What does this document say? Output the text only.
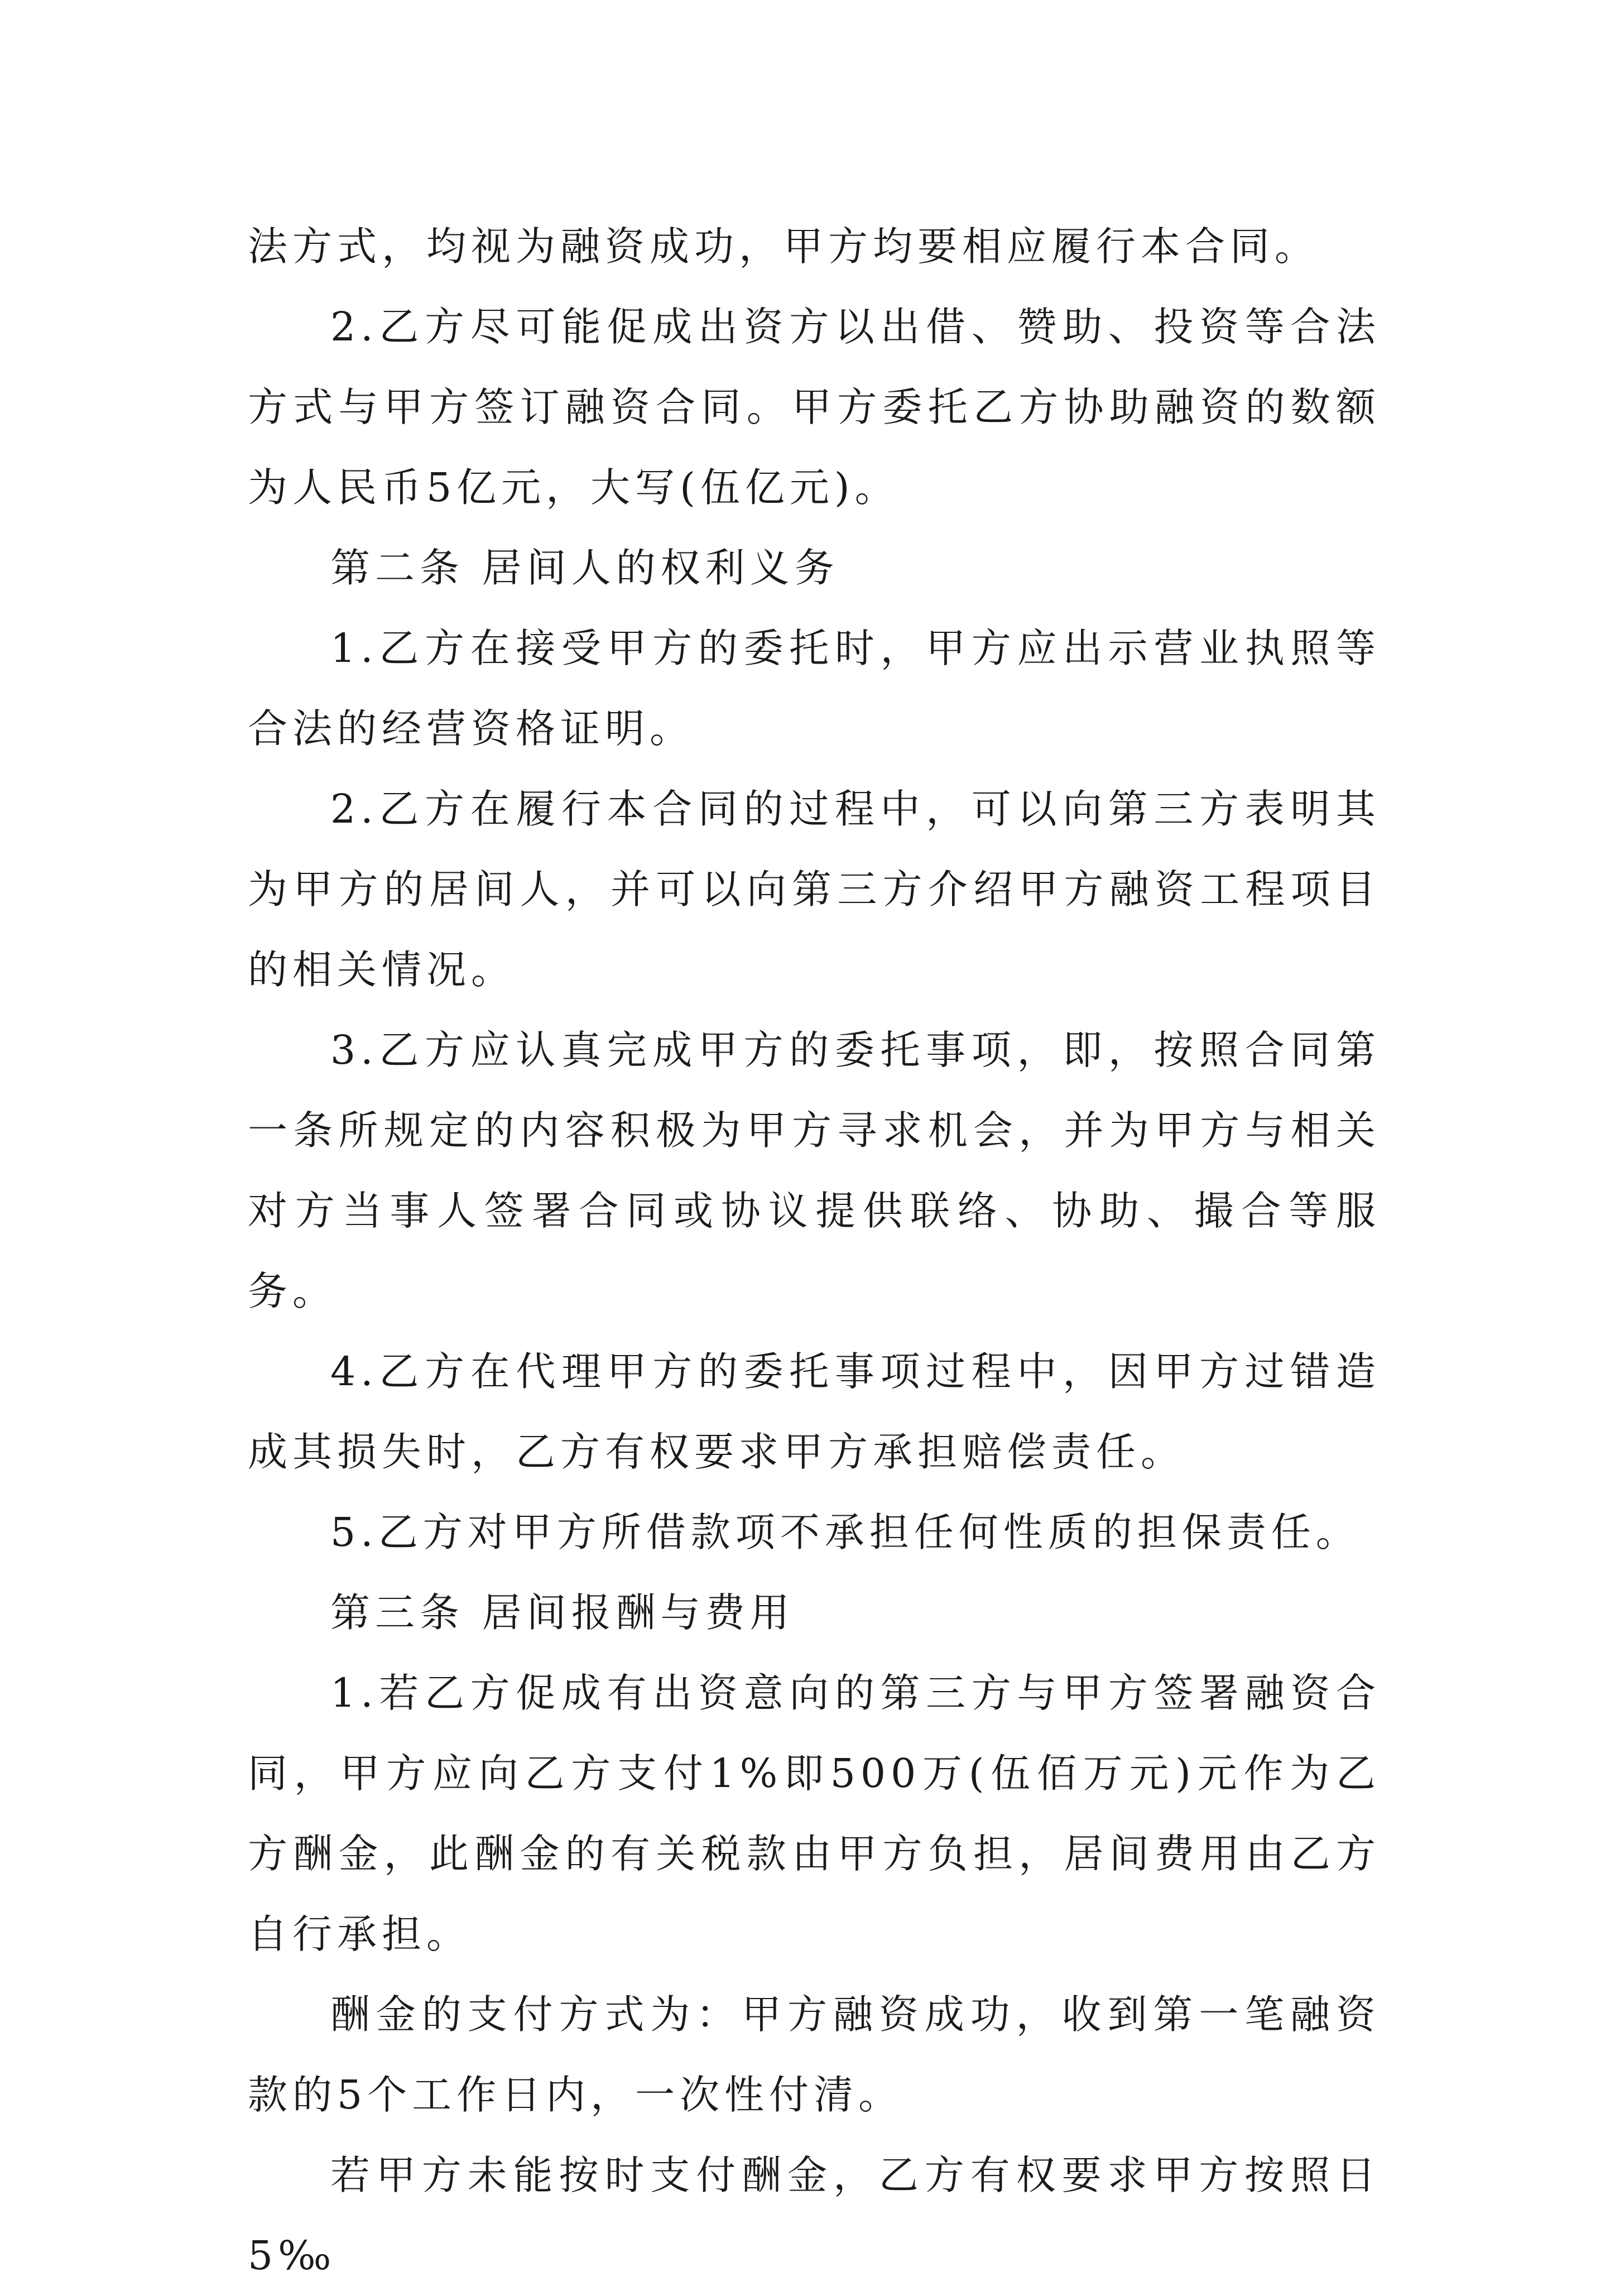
法方式，均视为融资成功，甲方均要相应履行本合同。

2.乙方尽可能促成出资方以出借、赞助、投资等合法方式与甲方签订融资合同。甲方委托乙方协助融资的数额为人民币5亿元，大写(伍亿元)。

第二条 居间人的权利义务

1.乙方在接受甲方的委托时，甲方应出示营业执照等合法的经营资格证明。

2.乙方在履行本合同的过程中，可以向第三方表明其为甲方的居间人，并可以向第三方介绍甲方融资工程项目的相关情况。

3.乙方应认真完成甲方的委托事项，即，按照合同第一条所规定的内容积极为甲方寻求机会，并为甲方与相关对方当事人签署合同或协议提供联络、协助、撮合等服务。

4.乙方在代理甲方的委托事项过程中，因甲方过错造成其损失时，乙方有权要求甲方承担赔偿责任。

5.乙方对甲方所借款项不承担任何性质的担保责任。

第三条 居间报酬与费用

1.若乙方促成有出资意向的第三方与甲方签署融资合同，甲方应向乙方支付1%即500万(伍佰万元)元作为乙方酬金，此酬金的有关税款由甲方负担，居间费用由乙方自行承担。

酬金的支付方式为：甲方融资成功，收到第一笔融资款的5个工作日内，一次性付清。

若甲方未能按时支付酬金，乙方有权要求甲方按照日5‰
